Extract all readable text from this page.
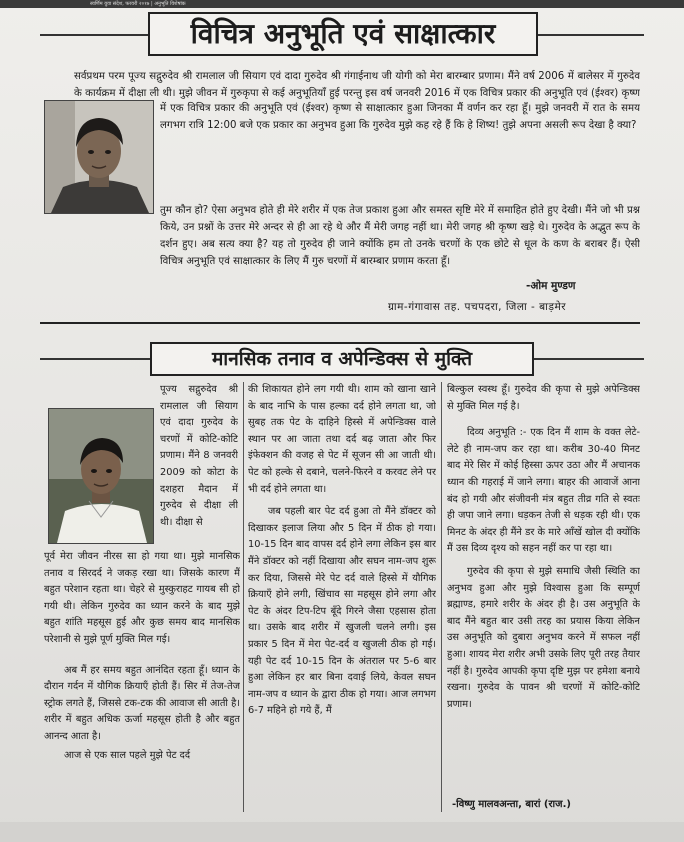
स्वर्णिम युवा संदेश, फरवरी २०१७ | अनुभूति विशेषांक
विचित्र अनुभूति एवं साक्षात्कार

सर्वप्रथम परम पूज्य सद्गुरुदेव श्री रामलाल जी सियाग एवं दादा गुरुदेव श्री गंगाईनाथ जी योगी को मेरा बारम्बार प्रणाम। मैंने वर्ष 2006 में बालेसर में गुरुदेव के कार्यक्रम में दीक्षा ली थी। मुझे जीवन में गुरुकृपा से कई अनुभूतियाँ हुई परन्तु इस वर्ष जनवरी 2016 में एक विचित्र प्रकार की अनुभूति एवं (ईश्वर) कृष्ण

में एक विचित्र प्रकार की अनुभूति एवं (ईश्वर) कृष्ण से साक्षात्कार हुआ जिनका मैं वर्णन कर रहा हूँ। मुझे जनवरी में रात के समय लगभग रात्रि 12:00 बजे एक प्रकार का अनुभव हुआ कि गुरुदेव मुझे कह रहे हैं कि हे शिष्य! तुझे अपना असली रूप देखा है क्या?

तुम कौन हो? ऐसा अनुभव होते ही मेरे शरीर में एक तेज प्रकाश हुआ और समस्त सृष्टि मेरे में समाहित होते हुए देखी। मैंने जो भी प्रश्न किये, उन प्रश्नों के उत्तर मेरे अन्दर से ही आ रहे थे और मैं मेरी जगह नहीं था। मेरी जगह श्री कृष्ण खड़े थे। गुरुदेव के अद्भुत रूप के दर्शन हुए। अब सत्य क्या है? यह तो गुरुदेव ही जाने क्योंकि हम तो उनके चरणों के एक छोटे से धूल के कण के बराबर हैं। ऐसी विचित्र अनुभूति एवं साक्षात्कार के लिए मैं गुरु चरणों में बारम्बार प्रणाम करता हूँ।

-ओम मुण्डण
ग्राम-गंगावास तह. पचपदरा, जिला - बाड़मेर
मानसिक तनाव व अपेन्डिक्स से मुक्ति

पूज्य सद्गुरुदेव श्री रामलाल जी सियाग एवं दादा गुरुदेव के चरणों में कोटि-कोटि प्रणाम। मैंने 8 जनवरी 2009 को कोटा के दशहरा मैदान में गुरुदेव से दीक्षा ली थी। दीक्षा से

पूर्व मेरा जीवन नीरस सा हो गया था। मुझे मानसिक तनाव व सिरदर्द ने जकड़ रखा था। जिसके कारण मैं बहुत परेशान रहता था। चेहरे से मुस्कुराहट गायब सी हो गयी थी। लेकिन गुरुदेव का ध्यान करने के बाद मुझे बहुत शांति महसूस हुई और कुछ समय बाद मानसिक परेशानी से मुझे पूर्ण मुक्ति मिल गई।

अब मैं हर समय बहुत आनंदित रहता हूँ। ध्यान के दौरान गर्दन में यौगिक क्रियाएँ होती हैं। सिर में तेज-तेज स्ट्रोक लगते हैं, जिससे टक-टक की आवाज सी आती है। शरीर में बहुत अधिक ऊर्जा महसूस होती है और बहुत आनन्द आता है।

आज से एक साल पहले मुझे पेट दर्द

की शिकायत होने लग गयी थी। शाम को खाना खाने के बाद नाभि के पास हल्का दर्द होने लगता था, जो सुबह तक पेट के दाहिने हिस्से में अपेन्डिक्स वाले स्थान पर आ जाता तथा दर्द बढ़ जाता और फिर इंफेक्शन की वजह से पेट में सूजन सी आ जाती थी। पेट को हल्के से दबाने, चलने-फिरने व करवट लेने पर भी दर्द होने लगता था।

जब पहली बार पेट दर्द हुआ तो मैंने डॉक्टर को दिखाकर इलाज लिया और 5 दिन में ठीक हो गया। 10-15 दिन बाद वापस दर्द होने लगा लेकिन इस बार मैंने डॉक्टर को नहीं दिखाया और सघन नाम-जप शुरू कर दिया, जिससे मेरे पेट दर्द वाले हिस्से में यौगिक क्रियाएँ होने लगी, खिंचाव सा महसूस होने लगा और पेट के अंदर टिप-टिप बूँदे गिरने जैसा एहसास होता था। उसके बाद शरीर में खुजली चलने लगी। इस प्रकार 5 दिन में मेरा पेट-दर्द व खुजली ठीक हो गई। यही पेट दर्द 10-15 दिन के अंतराल पर 5-6 बार हुआ लेकिन हर बार बिना दवाई लिये, केवल सघन नाम-जप व ध्यान के द्वारा ठीक हो गया। आज लगभग 6-7 महिने हो गये हैं, मैं

बिल्कुल स्वस्थ हूँ। गुरुदेव की कृपा से मुझे अपेन्डिक्स से मुक्ति मिल गई है।

दिव्य अनुभूति :- एक दिन मैं शाम के वक्त लेटे-लेटे ही नाम-जप कर रहा था। करीब 30-40 मिनट बाद मेरे सिर में कोई हिस्सा ऊपर उठा और मैं अचानक ध्यान की गहराई में जाने लगा। बाहर की आवाजें आना बंद हो गयी और संजीवनी मंत्र बहुत तीव्र गति से स्वतः ही जपा जाने लगा। धड़कन तेजी से धड़क रही थी। एक मिनट के अंदर ही मैंने डर के मारे आँखें खोल दी क्योंकि मैं उस दिव्य दृश्य को सहन नहीं कर पा रहा था।

गुरुदेव की कृपा से मुझे समाधि जैसी स्थिति का अनुभव हुआ और मुझे विश्वास हुआ कि सम्पूर्ण ब्रह्माण्ड, हमारे शरीर के अंदर ही है। उस अनुभूति के बाद मैंने बहुत बार उसी तरह का प्रयास किया लेकिन उस अनुभूति को दुबारा अनुभव करने में सफल नहीं हुआ। शायद मेरा शरीर अभी उसके लिए पूरी तरह तैयार नहीं है। गुरुदेव आपकी कृपा दृष्टि मुझ पर हमेशा बनाये रखना। गुरुदेव के पावन श्री चरणों में कोटि-कोटि प्रणाम।

-विष्णु मालवअन्ता, बारां (राज.)
